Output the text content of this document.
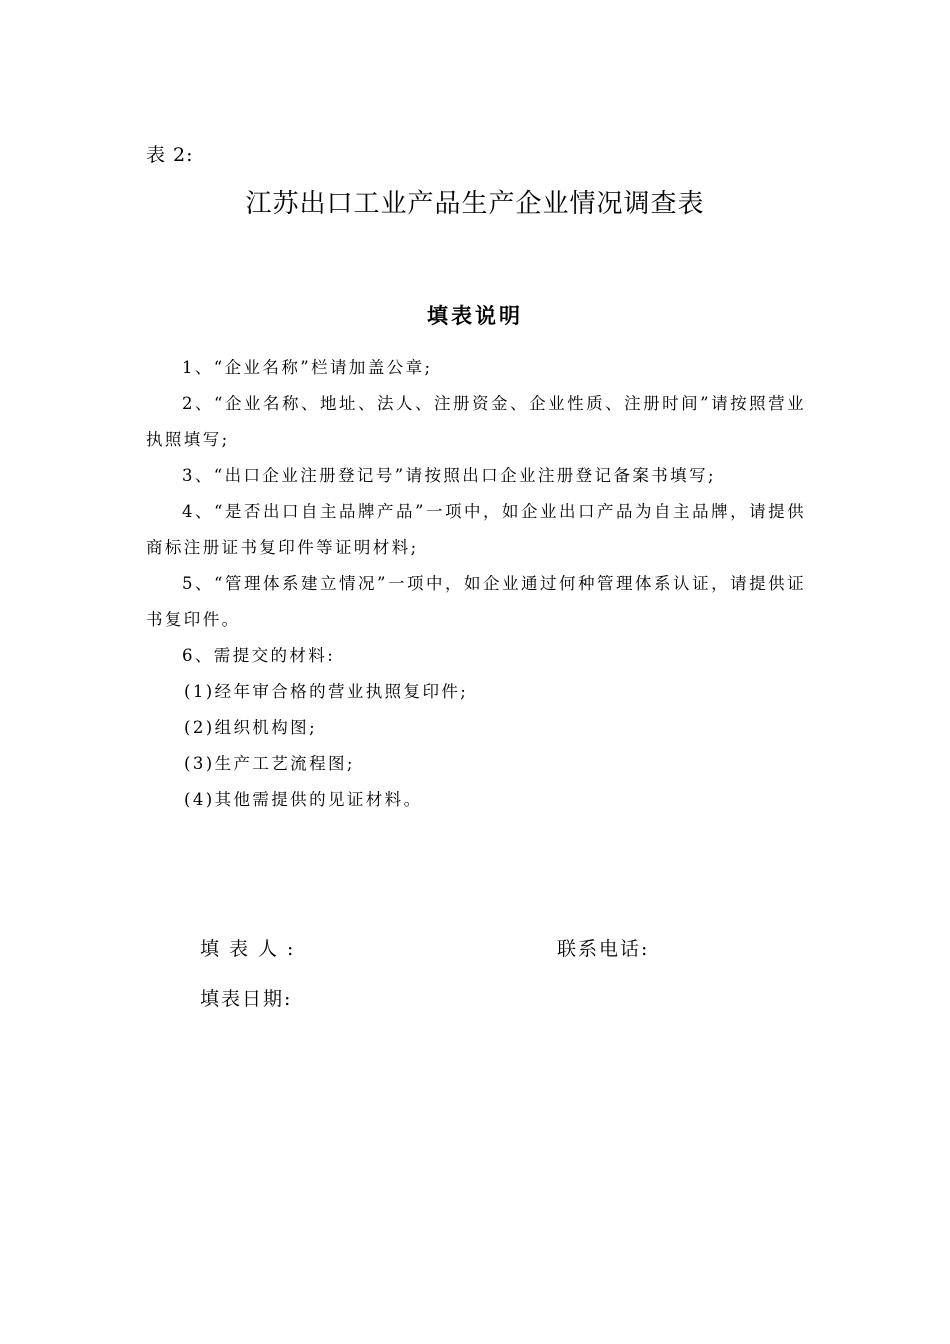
表 2:
江苏出口工业产品生产企业情况调查表
填表说明

1、“企业名称”栏请加盖公章;

2、“企业名称、地址、法人、注册资金、企业性质、注册时间”请按照营业执照填写;

3、“出口企业注册登记号”请按照出口企业注册登记备案书填写;

4、“是否出口自主品牌产品”一项中，如企业出口产品为自主品牌，请提供商标注册证书复印件等证明材料;

5、“管理体系建立情况”一项中，如企业通过何种管理体系认证，请提供证书复印件。

6、需提交的材料:

(1)经年审合格的营业执照复印件;

(2)组织机构图;

(3)生产工艺流程图;

(4)其他需提供的见证材料。

填表人:	联系电话:
填表日期:
